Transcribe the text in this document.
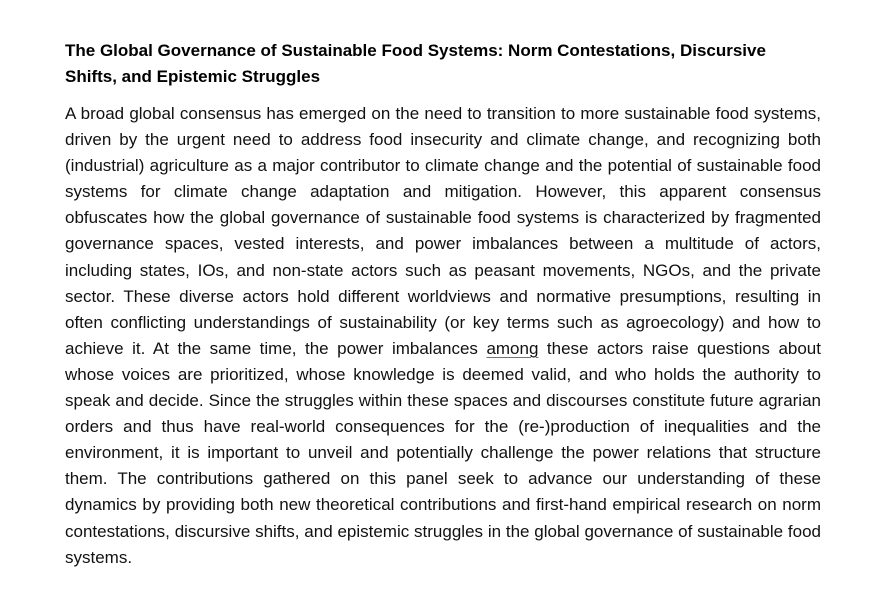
The Global Governance of Sustainable Food Systems: Norm Contestations, Discursive Shifts, and Epistemic Struggles

A broad global consensus has emerged on the need to transition to more sustainable food systems, driven by the urgent need to address food insecurity and climate change, and recognizing both (industrial) agriculture as a major contributor to climate change and the potential of sustainable food systems for climate change adaptation and mitigation. However, this apparent consensus obfuscates how the global governance of sustainable food systems is characterized by fragmented governance spaces, vested interests, and power imbalances between a multitude of actors, including states, IOs, and non-state actors such as peasant movements, NGOs, and the private sector. These diverse actors hold different worldviews and normative presumptions, resulting in often conflicting understandings of sustainability (or key terms such as agroecology) and how to achieve it. At the same time, the power imbalances among these actors raise questions about whose voices are prioritized, whose knowledge is deemed valid, and who holds the authority to speak and decide. Since the struggles within these spaces and discourses constitute future agrarian orders and thus have real-world consequences for the (re-)production of inequalities and the environment, it is important to unveil and potentially challenge the power relations that structure them. The contributions gathered on this panel seek to advance our understanding of these dynamics by providing both new theoretical contributions and first-hand empirical research on norm contestations, discursive shifts, and epistemic struggles in the global governance of sustainable food systems.
